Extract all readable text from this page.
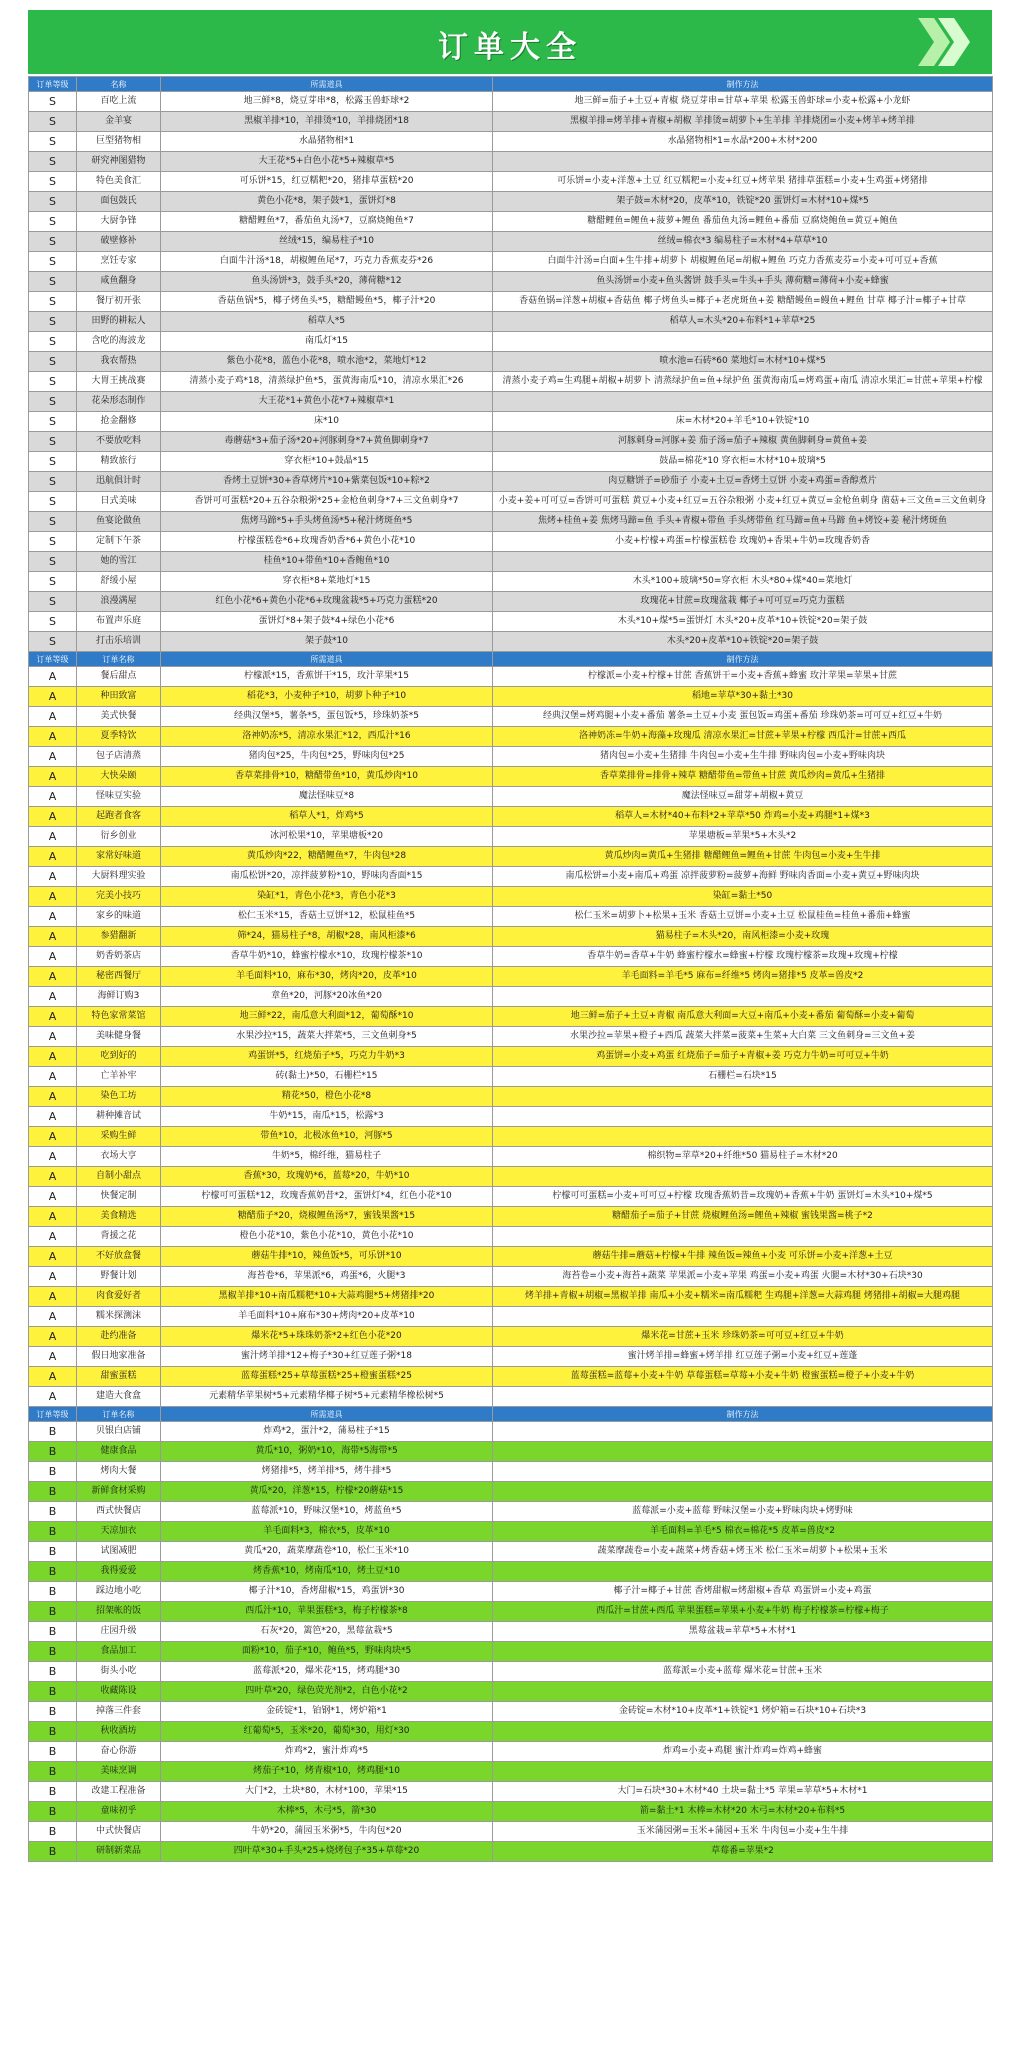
订单大全
订单等级	名称	所需道具	制作方法
S	百吃上流	地三鲜*8，烧豆芽串*8，松露玉兽虾球*2	地三鲜=茄子+土豆+青椒 烧豆芽串=甘草+苹果 松露玉兽虾球=小麦+松露+小龙虾
S	金羊宴	黑椒羊排*10，羊排烫*10，羊排烧团*18	黑椒羊排=烤羊排+青椒+胡椒 羊排烫=胡萝卜+生羊排 羊排烧团=小麦+烤羊+烤羊排
S	巨型猪物相	水晶猪物相*1	水晶猪物相*1=水晶*200+木材*200
S	研究神图猎物	大王花*5+白色小花*5+辣椒草*5	
S	特色美食汇	可乐饼*15，红豆糯粑*20，猪排草蛋糕*20	可乐饼=小麦+洋葱+土豆 红豆糯粑=小麦+红豆+烤苹果 猪排草蛋糕=小麦+生鸡蛋+烤猪排
S	面包鼓氏	黄色小花*8，架子鼓*1，蛋饼灯*8	架子鼓=木材*20，皮革*10，铁锭*20 蛋饼灯=木材*10+煤*5
S	大厨争锋	糖醋鲤鱼*7，番茄鱼丸汤*7，豆腐烧鲍鱼*7	糖醋鲤鱼=鲤鱼+菠萝+鲤鱼 番茄鱼丸汤=鲤鱼+番茄 豆腐烧鲍鱼=黄豆+鲍鱼
S	破壁修补	丝绒*15，编易柱子*10	丝绒=棉衣*3 编易柱子=木材*4+草草*10
S	烹饪专家	白面牛汁汤*18，胡椒鲤鱼尾*7，巧克力香蕉麦芬*26	白面牛汁汤=白面+生牛排+胡萝卜 胡椒鲤鱼尾=胡椒+鲤鱼 巧克力香蕉麦芬=小麦+可可豆+香蕉
S	咸鱼翻身	鱼头汤饼*3，鼓手头*20，薄荷糖*12	鱼头汤饼=小麦+鱼头酱饼 鼓手头=牛头+手头 薄荷糖=薄荷+小麦+蜂蜜
S	餐厅初开张	香菇鱼锅*5，椰子烤鱼头*5，糖醋鳗鱼*5，椰子汁*20	香菇鱼锅=洋葱+胡椒+香菇鱼 椰子烤鱼头=椰子+老虎斑鱼+姜 糖醋鳗鱼=鳗鱼+鲤鱼 甘草 椰子汁=椰子+甘草
S	田野的耕耘人	稻草人*5	稻草人=木头*20+布料*1+苹草*25
S	含吃的海波龙	南瓜灯*15	
S	我农帮热	紫色小花*8，蓝色小花*8，喷水池*2，菜地灯*12	喷水池=石砖*60 菜地灯=木材*10+煤*5
S	大胃王挑战赛	清蒸小麦子鸡*18，清蒸绿护鱼*5，蛋黄海南瓜*10，清凉水果汇*26	清蒸小麦子鸡=生鸡腿+胡椒+胡萝卜 清蒸绿护鱼=鱼+绿护鱼 蛋黄海南瓜=烤鸡蛋+南瓜 清凉水果汇=甘蔗+苹果+柠檬
S	花朵形态制作	大王花*1+黄色小花*7+辣椒草*1	
S	抢金翻修	床*10	床=木材*20+羊毛*10+铁锭*10
S	不要放吃料	毒蘑菇*3+茄子汤*20+河豚刺身*7+黄鱼脚刺身*7	河豚刺身=河豚+姜 茄子汤=茄子+辣椒 黄鱼脚刺身=黄鱼+姜
S	精致旅行	穿衣柜*10+鼓晶*15	鼓晶=棉花*10 穿衣柜=木材*10+玻璃*5
S	迅航俱计时	香烤土豆饼*30+香草烤片*10+紫菜包饭*10+粽*2	肉豆糖饼子=砂茄子 小麦+土豆=香烤土豆饼 小麦+鸡蛋=香醇煮片
S	日式美味	香饼可可蛋糕*20+五谷杂粮粥*25+金枪鱼刺身*7+三文鱼刺身*7	小麦+姜+可可豆=香饼可可蛋糕 黄豆+小麦+红豆=五谷杂粮粥 小麦+红豆+黄豆=金枪鱼刺身 菌菇+三文鱼=三文鱼刺身
S	鱼宴论做鱼	焦烤马蹄*5+手头烤鱼汤*5+秘汁烤斑鱼*5	焦烤+桂鱼+姜 焦烤马蹄=鱼 手头+青椒+带鱼 手头烤带鱼 红马蹄=鱼+马蹄 鱼+烤饺+姜 秘汁烤斑鱼
S	定制下午茶	柠檬蛋糕卷*6+玫瑰香奶香*6+黄色小花*10	小麦+柠檬+鸡蛋=柠檬蛋糕卷 玫瑰奶+香果+牛奶=玫瑰香奶香
S	她的雪江	桂鱼*10+带鱼*10+香鲍鱼*10	
S	舒缓小屋	穿衣柜*8+菜地灯*15	木头*100+玻璃*50=穿衣柜 木头*80+煤*40=菜地灯
S	浪漫满屋	红色小花*6+黄色小花*6+玫瑰盆栽*5+巧克力蛋糕*20	玫瑰花+甘蔗=玫瑰盆栽 椰子+可可豆=巧克力蛋糕
S	布置声乐庭	蛋饼灯*8+架子鼓*4+绿色小花*6	木头*10+煤*5=蛋饼灯 木头*20+皮革*10+铁锭*20=架子鼓
S	打击乐培训	架子鼓*10	木头*20+皮革*10+铁锭*20=架子鼓
订单等级	订单名称	所需道具	制作方法
A	餐后甜点	柠檬派*15，香蕉饼干*15，玫汁苹果*15	柠檬派=小麦+柠檬+甘蔗 香蕉饼干=小麦+香蕉+蜂蜜 玫汁苹果=苹果+甘蔗
A	种田致富	稻花*3，小麦种子*10，胡萝卜种子*10	稻地=苹草*30+黏土*30
A	美式快餐	经典汉堡*5，薯条*5，蛋包饭*5，珍珠奶茶*5	经典汉堡=烤鸡腿+小麦+番茄 薯条=土豆+小麦 蛋包饭=鸡蛋+番茄 珍珠奶茶=可可豆+红豆+牛奶
A	夏季特饮	洛神奶冻*5，清凉水果汇*12，西瓜汁*16	洛神奶冻=牛奶+海藻+玫瑰瓜 清凉水果汇=甘蔗+苹果+柠檬 西瓜汁=甘蔗+西瓜
A	包子店清蒸	猪肉包*25，牛肉包*25，野味肉包*25	猪肉包=小麦+生猪排 牛肉包=小麦+生牛排 野味肉包=小麦+野味肉块
A	大快朵颐	香草菜排骨*10，糖醋带鱼*10，黄瓜炒肉*10	香草菜排骨=排骨+辣草 糖醋带鱼=带鱼+甘蔗 黄瓜炒肉=黄瓜+生猪排
A	怪味豆实验	魔法怪味豆*8	魔法怪味豆=甜芽+胡椒+黄豆
A	起跑者食客	稻草人*1，炸鸡*5	稻草人=木材*40+布料*2+苹草*50 炸鸡=小麦+鸡腿*1+煤*3
A	衍乡创业	冰河松果*10，苹果塘板*20	苹果塘板=苹果*5+木头*2
A	家常好味道	黄瓜炒肉*22，糖醋鲤鱼*7，牛肉包*28	黄瓜炒肉=黄瓜+生猪排 糖醋鲤鱼=鲤鱼+甘蔗 牛肉包=小麦+生牛排
A	大厨料理实验	南瓜松饼*20，凉拌菠萝粉*10，野味肉香面*15	南瓜松饼=小麦+南瓜+鸡蛋 凉拌菠萝粉=菠萝+海鲜 野味肉香面=小麦+黄豆+野味肉块
A	完美小技巧	染缸*1，青色小花*3，青色小花*3	染缸=黏土*50
A	家乡的味道	松仁玉米*15，香菇土豆饼*12，松鼠桂鱼*5	松仁玉米=胡萝卜+松果+玉米 香菇土豆饼=小麦+土豆 松鼠桂鱼=桂鱼+番茄+蜂蜜
A	参猎翻新	筛*24，猫易柱子*8，胡椒*28，南风柜漆*6	猫易柱子=木头*20，南风柜漆=小麦+玫瑰
A	奶香奶茶店	香草牛奶*10，蜂蜜柠檬水*10，玫瑰柠檬茶*10	香草牛奶=香草+牛奶 蜂蜜柠檬水=蜂蜜+柠檬 玫瑰柠檬茶=玫瑰+玫瑰+柠檬
A	秘密西餐厅	羊毛面料*10，麻布*30，烤肉*20，皮革*10	羊毛面料=羊毛*5 麻布=纤维*5 烤肉=猪排*5 皮革=兽皮*2
A	海鲜订购3	章鱼*20，河豚*20冰鱼*20	
A	特色家常菜馆	地三鲜*22，南瓜意大利面*12，葡萄酥*10	地三鲜=茄子+土豆+青椒 南瓜意大利面=大豆+南瓜+小麦+番茄 葡萄酥=小麦+葡萄
A	美味健身餐	水果沙拉*15，蔬菜大拌菜*5，三文鱼刺身*5	水果沙拉=苹果+橙子+西瓜 蔬菜大拌菜=菠菜+生菜+大白菜 三文鱼刺身=三文鱼+姜
A	吃到好的	鸡蛋饼*5，红烧茄子*5，巧克力牛奶*3	鸡蛋饼=小麦+鸡蛋 红烧茄子=茄子+青椒+姜 巧克力牛奶=可可豆+牛奶
A	亡羊补牢	砖(黏土)*50，石栅栏*15	石栅栏=石块*15
A	染色工坊	精花*50，橙色小花*8	
A	耕种摊音试	牛奶*15，南瓜*15，松露*3	
A	采购生鲜	带鱼*10，北极冰鱼*10，河豚*5	
A	衣场大亨	牛奶*5，棉纤维，猫易柱子	棉织物=苹草*20+纤维*50 猫易柱子=木材*20
A	自制小甜点	香蕉*30，玫瑰奶*6，蓝莓*20，牛奶*10	
A	快餐定制	柠檬可可蛋糕*12，玫瑰香蕉奶昔*2，蛋饼灯*4，红色小花*10	柠檬可可蛋糕=小麦+可可豆+柠檬 玫瑰香蕉奶昔=玫瑰奶+香蕉+牛奶 蛋饼灯=木头*10+煤*5
A	美食精选	糖醋茄子*20，烧椒鲤鱼汤*7，蜜钱果酱*15	糖醋茄子=茄子+甘蔗 烧椒鲤鱼汤=鲤鱼+辣椒 蜜钱果酱=桃子*2
A	背援之花	橙色小花*10，紫色小花*10，黄色小花*10	
A	不好放盒餐	蘑菇牛排*10，辣鱼饭*5，可乐饼*10	蘑菇牛排=蘑菇+柠檬+牛排 辣鱼饭=辣鱼+小麦 可乐饼=小麦+洋葱+土豆
A	野餐计划	海苔卷*6，苹果派*6，鸡蛋*6，火腿*3	海苔卷=小麦+海苔+蔬菜 苹果派=小麦+苹果 鸡蛋=小麦+鸡蛋 火腿=木材*30+石块*30
A	肉食爱好者	黑椒羊排*10+南瓜糯粑*10+大蒜鸡腿*5+烤猪排*20	烤羊排+青椒+胡椒=黑椒羊排 南瓜+小麦+糯米=南瓜糯粑 生鸡腿+洋葱=大蒜鸡腿 烤猪排+胡椒=大腿鸡腿
A	糯米探测沫	羊毛面料*10+麻布*30+烤肉*20+皮革*10	
A	赴约准备	爆米花*5+珠珠奶茶*2+红色小花*20	爆米花=甘蔗+玉米 珍珠奶茶=可可豆+红豆+牛奶
A	假日地家准备	蜜汁烤羊排*12+梅子*30+红豆莲子粥*18	蜜汁烤羊排=蜂蜜+烤羊排 红豆莲子粥=小麦+红豆+莲蓬
A	甜蜜蛋糕	蓝莓蛋糕*25+草莓蛋糕*25+橙蜜蛋糕*25	蓝莓蛋糕=蓝莓+小麦+牛奶 草莓蛋糕=草莓+小麦+牛奶 橙蜜蛋糕=橙子+小麦+牛奶
A	建造大食盒	元素精华苹果树*5+元素精华椰子树*5+元素精华橡松树*5	
订单等级	订单名称	所需道具	制作方法
B	贝银白店铺	炸鸡*2，蛋汁*2，蒲易柱子*15	
B	健康食品	黄瓜*10，粥奶*10，海带*5海带*5	
B	烤肉大餐	烤猪排*5，烤羊排*5，烤牛排*5	
B	新鲜食材采购	黄瓜*20，洋葱*15，柠檬*20蘑菇*15	
B	西式快餐店	蓝莓派*10，野味汉堡*10，烤蓝鱼*5	蓝莓派=小麦+蓝莓 野味汉堡=小麦+野味肉块+烤野味
B	天凉加衣	羊毛面料*3，棉衣*5，皮革*10	羊毛面料=羊毛*5 棉衣=棉花*5 皮革=兽皮*2
B	试图减肥	黄瓜*20，蔬菜摩蔬卷*10，松仁玉米*10	蔬菜摩蔬卷=小麦+蔬菜+烤香菇+烤玉米 松仁玉米=胡萝卜+松果+玉米
B	我得爱爱	烤香蕉*10，烤南瓜*10，烤土豆*10	
B	踩边地小吃	椰子汁*10，香烤甜椒*15，鸡蛋饼*30	椰子汁=椰子+甘蔗 香烤甜椒=烤甜椒+香草 鸡蛋饼=小麦+鸡蛋
B	招架帐的饭	西瓜汁*10，苹果蛋糕*3，梅子柠檬茶*8	西瓜汁=甘蔗+西瓜 苹果蛋糕=苹果+小麦+牛奶 梅子柠檬茶=柠檬+梅子
B	庄园升级	石灰*20，篱笆*20，黑莓盆栽*5	黑莓盆栽=苹草*5+木材*1
B	食品加工	面粉*10，茄子*10，鲍鱼*5，野味肉块*5	
B	街头小吃	蓝莓派*20，爆米花*15，烤鸡腿*30	蓝莓派=小麦+蓝莓 爆米花=甘蔗+玉米
B	收藏陈设	四叶草*20，绿色荧光剂*2，白色小花*2	
B	掉落三件套	金砖锭*1，铂钢*1，烤炉箱*1	金砖锭=木材*10+皮革*1+铁锭*1 烤炉箱=石块*10+石块*3
B	秋收酒坊	红葡萄*5，玉米*20，葡萄*30，用灯*30	
B	奋心你游	炸鸡*2，蜜汁炸鸡*5	炸鸡=小麦+鸡腿 蜜汁炸鸡=炸鸡+蜂蜜
B	美味烹调	烤茄子*10，烤青椒*10，烤鸡腿*10	
B	改建工程准备	大门*2，土块*80，木材*100，苹果*15	大门=石块*30+木材*40 土块=黏土*5 苹果=苹草*5+木材*1
B	童味初乎	木棒*5，木弓*5，箭*30	箭=黏土*1 木棒=木材*20 木弓=木材*20+布料*5
B	中式快餐店	牛奶*20，蒲园玉米粥*5，牛肉包*20	玉米蒲园粥=玉米+蒲园+玉米 牛肉包=小麦+生牛排
B	研制新菜品	四叶草*30+手头*25+烧烤包子*35+草莓*20	草莓番=苹果*2
